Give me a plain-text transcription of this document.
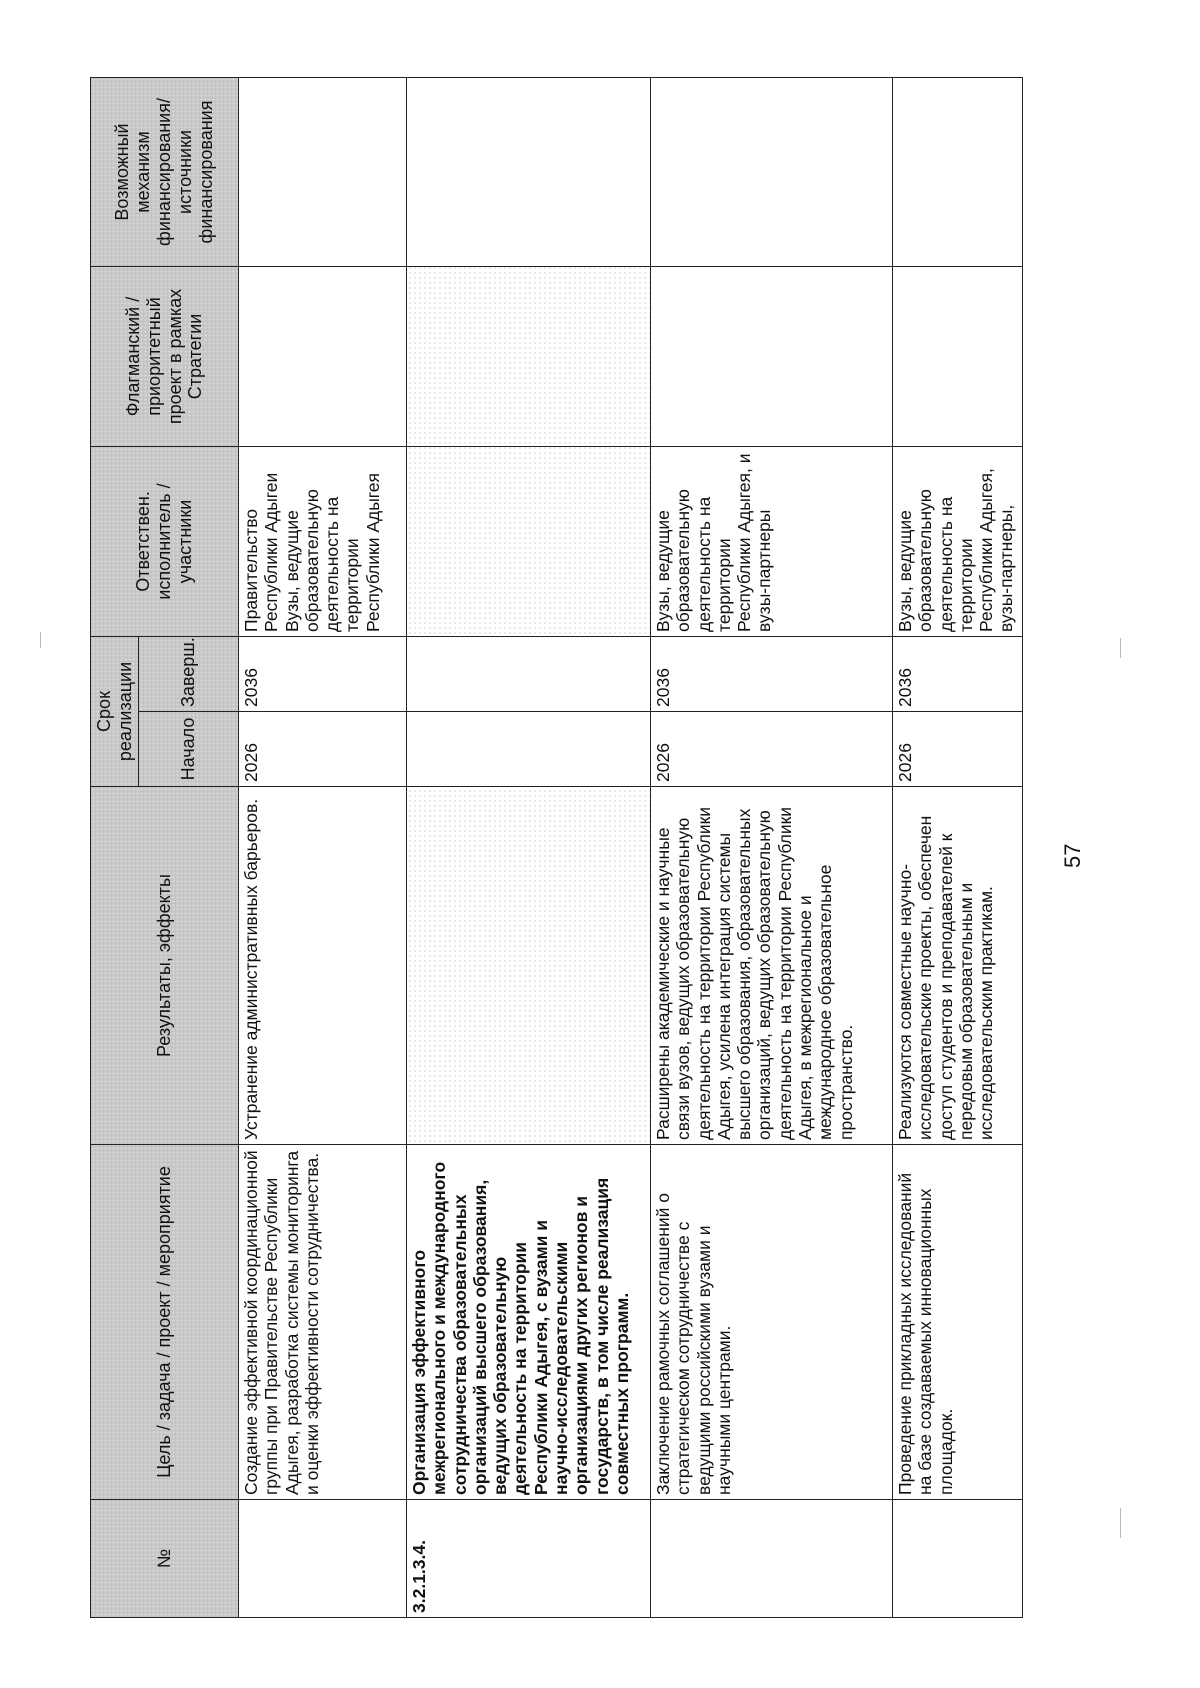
№	Цель / задача / проект / мероприятие	Результаты, эффекты	Срок реализации		Ответствен. исполнитель / участники	Флагманский / приоритетный проект в рамках Стратегии	Возможный механизм финансирования/ источники финансирования
			Начало	Заверш.			
	Создание эффективной координационной группы при Правительстве Республики Адыгея, разработка системы мониторинга и оценки эффективности сотрудничества.	Устранение административных барьеров.	2026	2036	Правительство Республики Адыгеи Вузы, ведущие образовательную деятельность на территории Республики Адыгея		
3.2.1.3.4.	Организация эффективного межрегионального и международного сотрудничества образовательных организаций высшего образования, ведущих образовательную деятельность на территории Республики Адыгея, с вузами и научно-исследовательскими организациями других регионов и государств, в том числе реализация совместных программ.						
	Заключение рамочных соглашений о стратегическом сотрудничестве с ведущими российскими вузами и научными центрами.	Расширены академические и научные связи вузов, ведущих образовательную деятельность на территории Республики Адыгея, усилена интеграция системы высшего образования, образовательных организаций, ведущих образовательную деятельность на территории Республики Адыгея, в межрегиональное и международное образовательное пространство.	2026	2036	Вузы, ведущие образовательную деятельность на территории Республики Адыгея, и вузы-партнеры		
	Проведение прикладных исследований на базе создаваемых инновационных площадок.	Реализуются совместные научно-исследовательские проекты, обеспечен доступ студентов и преподавателей к передовым образовательным и исследовательским практикам.	2026	2036	Вузы, ведущие образовательную деятельность на территории Республики Адыгея, вузы-партнеры,		
57
